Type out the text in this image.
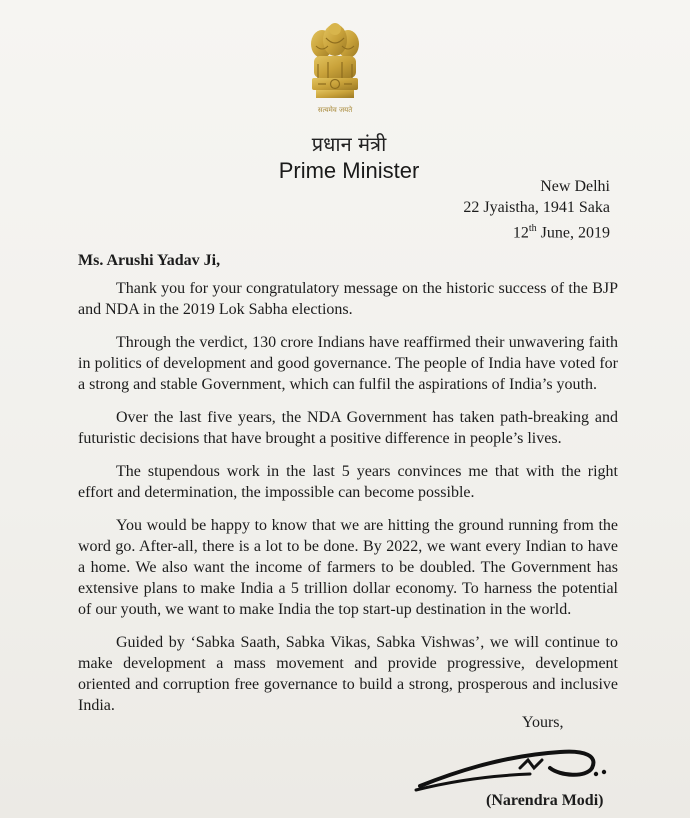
सत्यमेव जयते
प्रधान मंत्री
Prime Minister
New Delhi
22 Jyaistha, 1941 Saka
12th June, 2019
Ms. Arushi Yadav Ji,

Thank you for your congratulatory message on the historic success of the BJP and NDA in the 2019 Lok Sabha elections.

Through the verdict, 130 crore Indians have reaffirmed their unwavering faith in politics of development and good governance. The people of India have voted for a strong and stable Government, which can fulfil the aspirations of India’s youth.

Over the last five years, the NDA Government has taken path-breaking and futuristic decisions that have brought a positive difference in people’s lives.

The stupendous work in the last 5 years convinces me that with the right effort and determination, the impossible can become possible.

You would be happy to know that we are hitting the ground running from the word go. After-all, there is a lot to be done. By 2022, we want every Indian to have a home. We also want the income of farmers to be doubled. The Government has extensive plans to make India a 5 trillion dollar economy. To harness the potential of our youth, we want to make India the top start-up destination in the world.

Guided by ‘Sabka Saath, Sabka Vikas, Sabka Vishwas’, we will continue to make development a mass movement and provide progressive, development oriented and corruption free governance to build a strong, prosperous and inclusive India.

Yours,
(Narendra Modi)
